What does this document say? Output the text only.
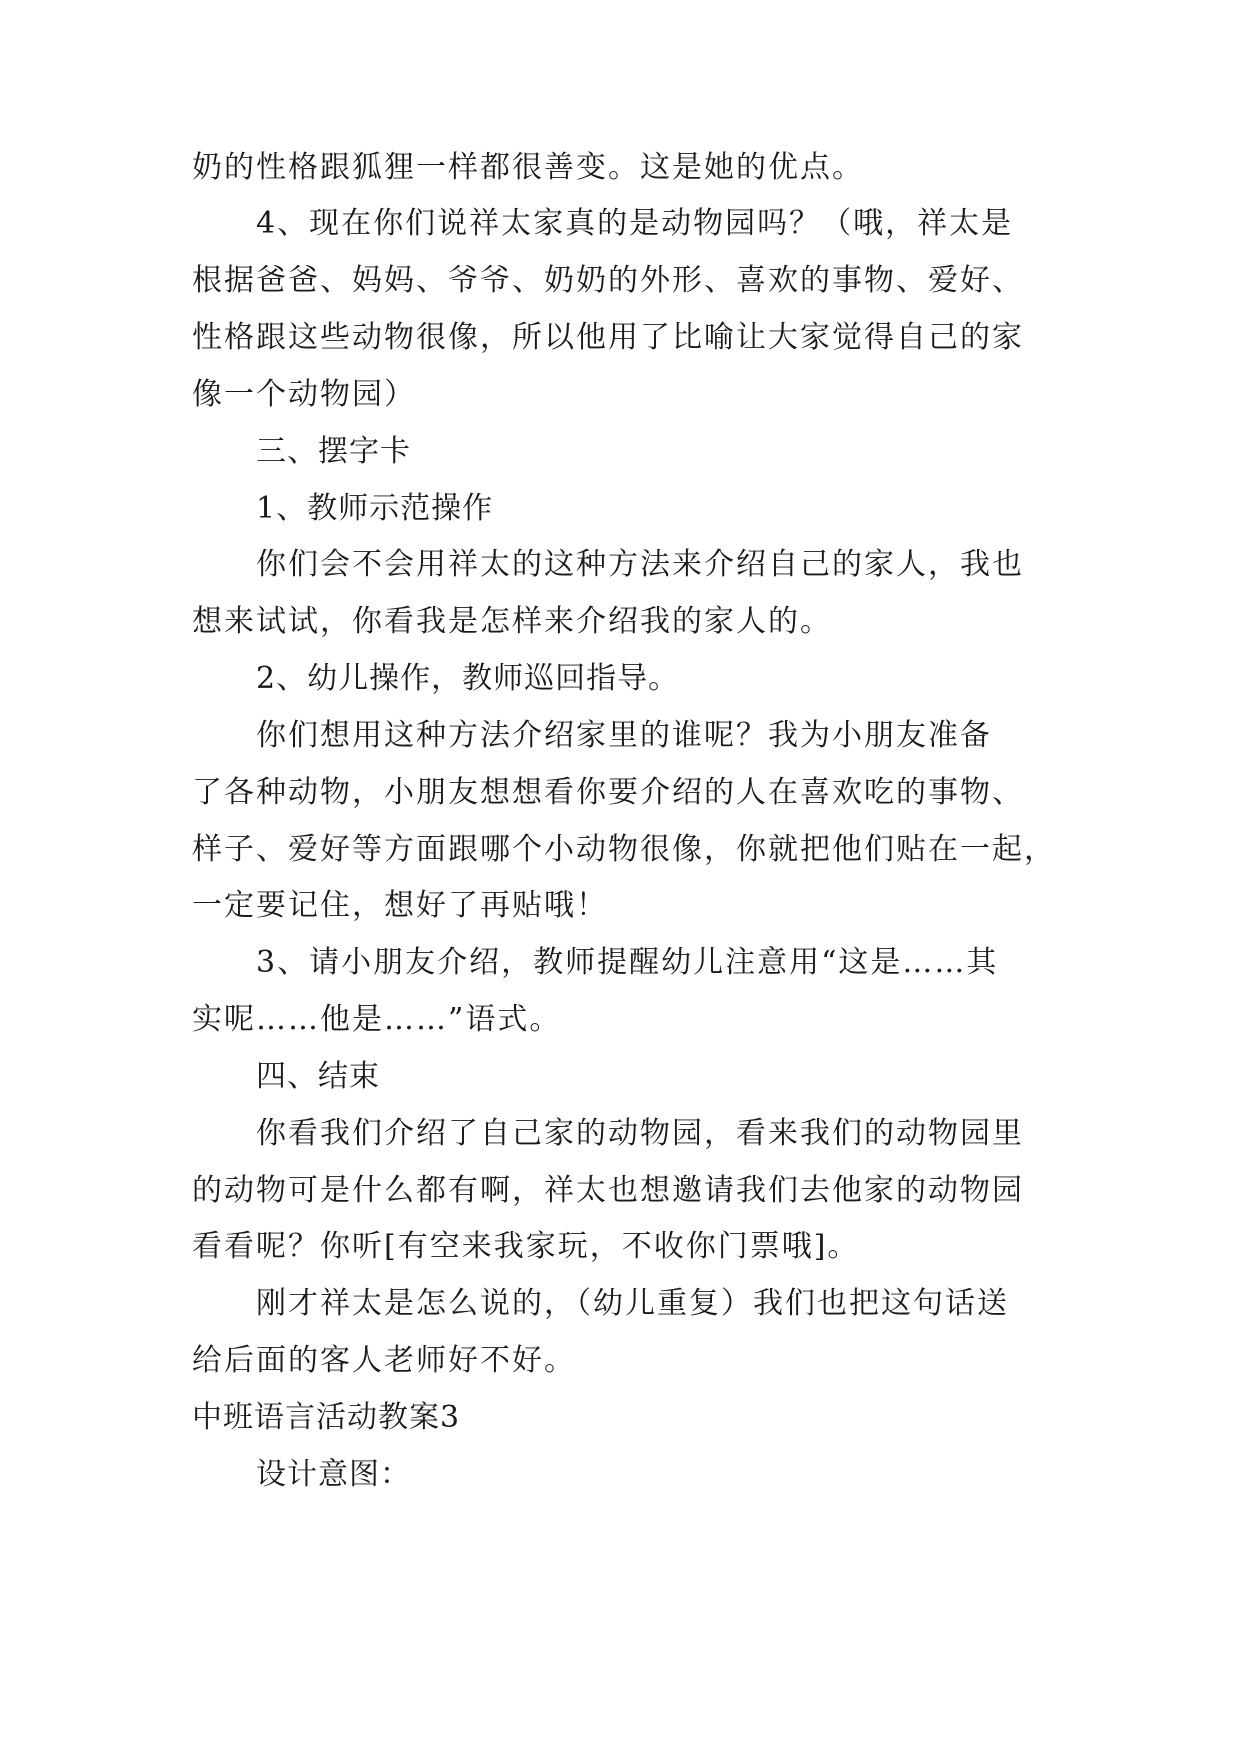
奶的性格跟狐狸一样都很善变。这是她的优点。
4、现在你们说祥太家真的是动物园吗？（哦，祥太是
根据爸爸、妈妈、爷爷、奶奶的外形、喜欢的事物、爱好、
性格跟这些动物很像，所以他用了比喻让大家觉得自己的家
像一个动物园）
三、摆字卡
1、教师示范操作
你们会不会用祥太的这种方法来介绍自己的家人，我也
想来试试，你看我是怎样来介绍我的家人的。
2、幼儿操作，教师巡回指导。
你们想用这种方法介绍家里的谁呢？我为小朋友准备
了各种动物，小朋友想想看你要介绍的人在喜欢吃的事物、
样子、爱好等方面跟哪个小动物很像，你就把他们贴在一起，
一定要记住，想好了再贴哦！
3、请小朋友介绍，教师提醒幼儿注意用“这是……其
实呢……他是……”语式。
四、结束
你看我们介绍了自己家的动物园，看来我们的动物园里
的动物可是什么都有啊，祥太也想邀请我们去他家的动物园
看看呢？你听[有空来我家玩，不收你门票哦]。
刚才祥太是怎么说的，（幼儿重复）我们也把这句话送
给后面的客人老师好不好。
中班语言活动教案3
设计意图：
